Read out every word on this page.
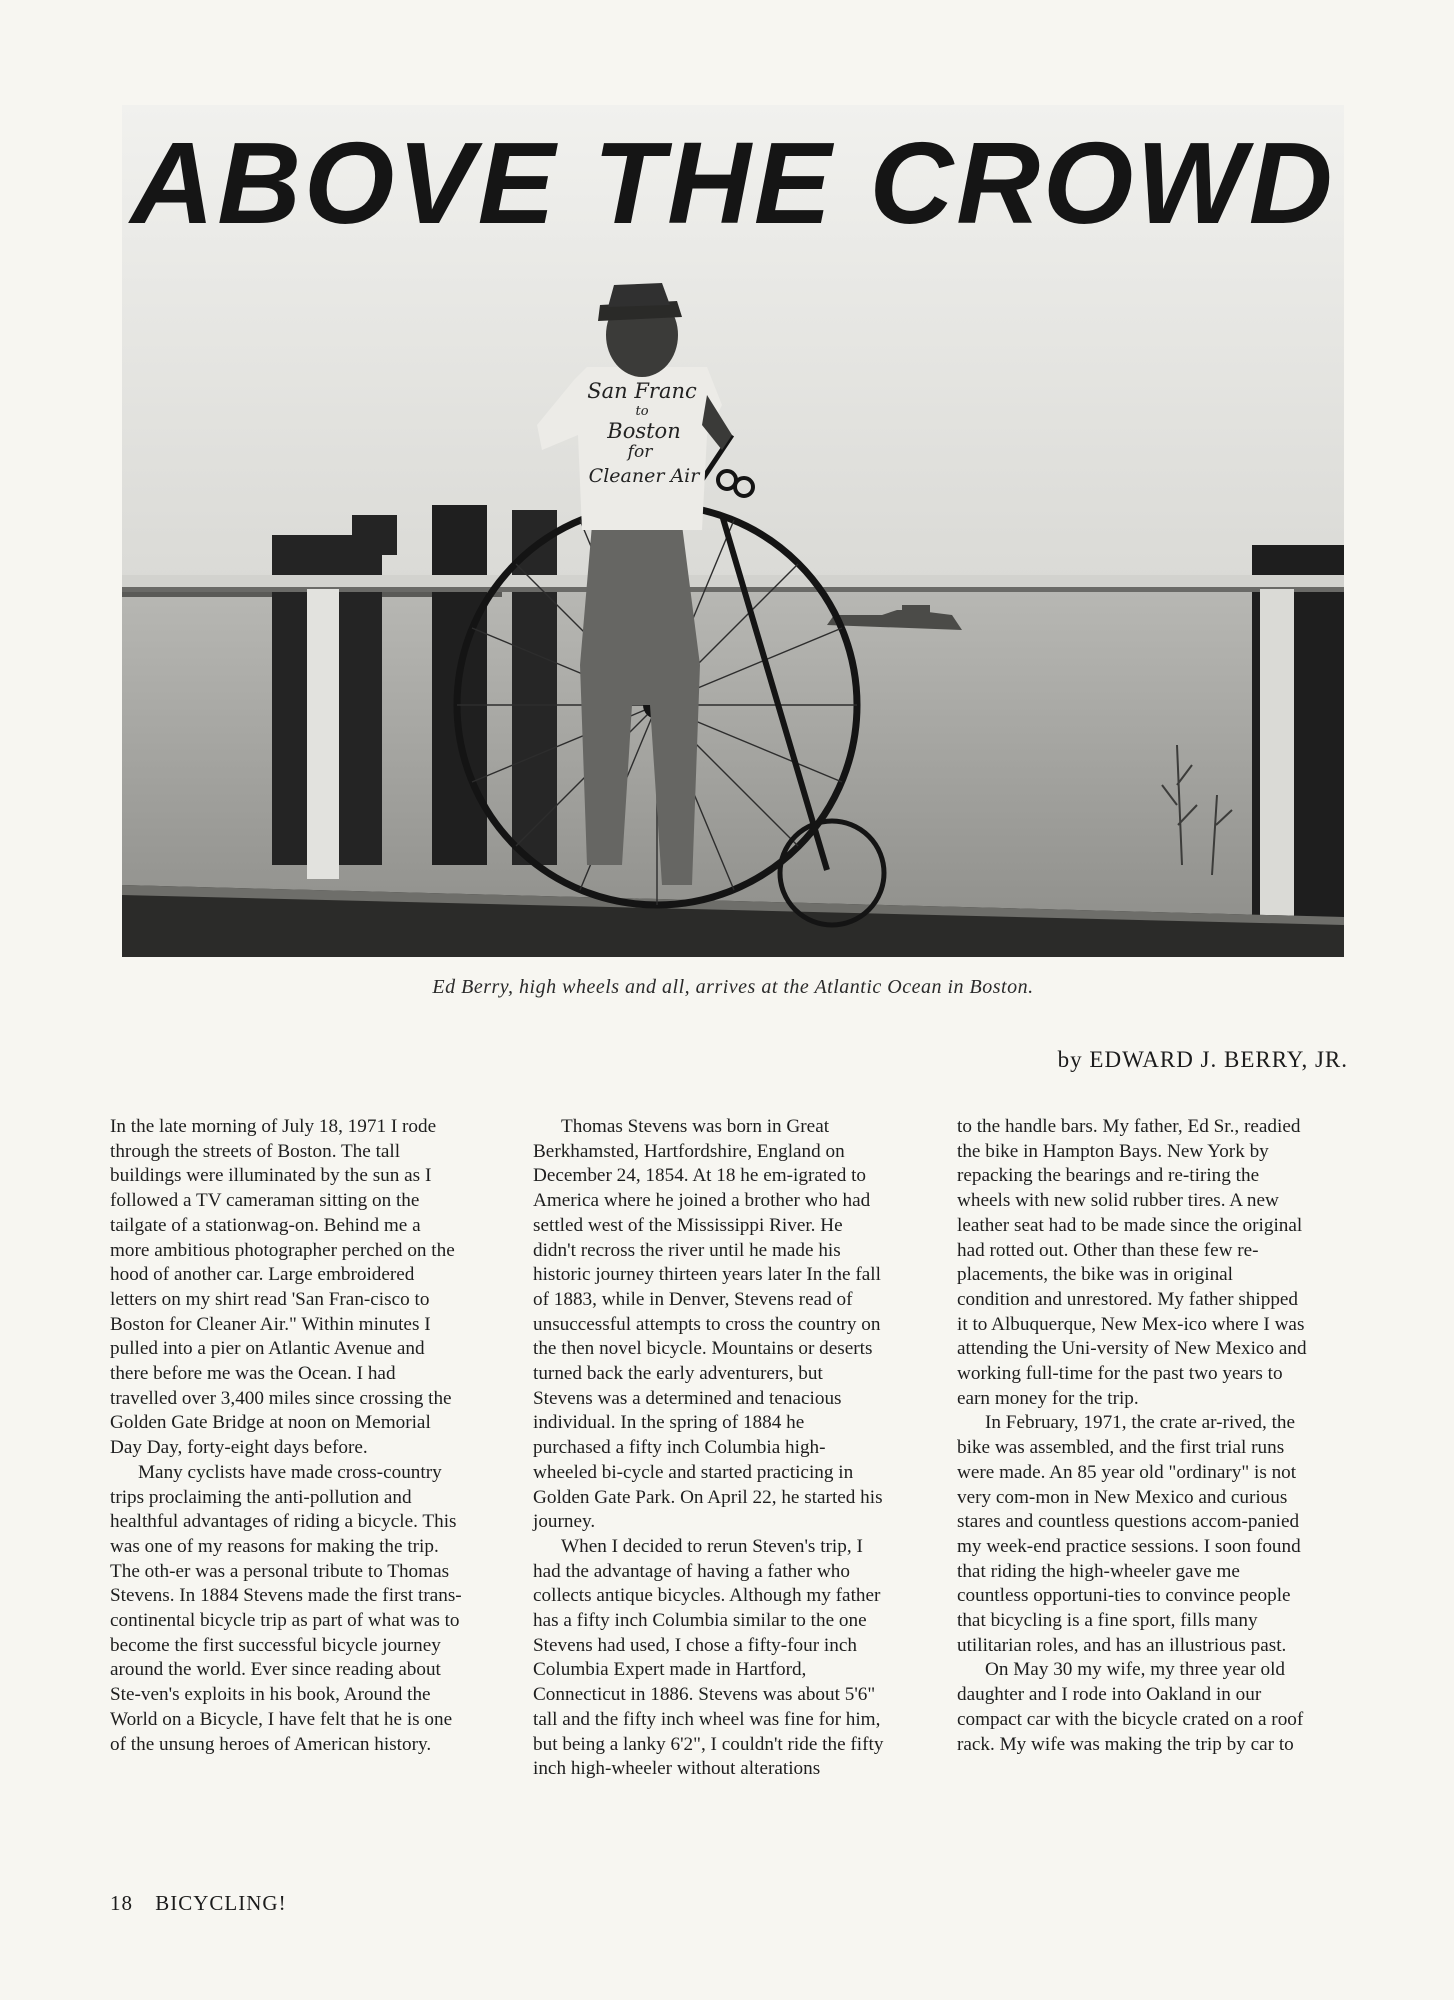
San Franc
to
Boston
for
Cleaner Air
ABOVE THE CROWD

Ed Berry, high wheels and all, arrives at the Atlantic Ocean in Boston.

by EDWARD J. BERRY, JR.

In the late morning of July 18, 1971 I rode through the streets of Boston. The tall buildings were illuminated by the sun as I followed a TV cameraman sitting on the tailgate of a stationwag-on. Behind me a more ambitious photographer perched on the hood of another car. Large embroidered letters on my shirt read 'San Fran-cisco to Boston for Cleaner Air." Within minutes I pulled into a pier on Atlantic Avenue and there before me was the Ocean. I had travelled over 3,400 miles since crossing the Golden Gate Bridge at noon on Memorial Day Day, forty-eight days before.

Many cyclists have made cross-country trips proclaiming the anti-pollution and healthful advantages of riding a bicycle. This was one of my reasons for making the trip. The oth-er was a personal tribute to Thomas Stevens. In 1884 Stevens made the first trans-continental bicycle trip as part of what was to become the first successful bicycle journey around the world. Ever since reading about Ste-ven's exploits in his book, Around the World on a Bicycle, I have felt that he is one of the unsung heroes of American history.

Thomas Stevens was born in Great Berkhamsted, Hartfordshire, England on December 24, 1854. At 18 he em-igrated to America where he joined a brother who had settled west of the Mississippi River. He didn't recross the river until he made his historic journey thirteen years later In the fall of 1883, while in Denver, Stevens read of unsuccessful attempts to cross the country on the then novel bicycle. Mountains or deserts turned back the early adventurers, but Stevens was a determined and tenacious individual. In the spring of 1884 he purchased a fifty inch Columbia high-wheeled bi-cycle and started practicing in Golden Gate Park. On April 22, he started his journey.

When I decided to rerun Steven's trip, I had the advantage of having a father who collects antique bicycles. Although my father has a fifty inch Columbia similar to the one Stevens had used, I chose a fifty-four inch Columbia Expert made in Hartford, Connecticut in 1886. Stevens was about 5'6" tall and the fifty inch wheel was fine for him, but being a lanky 6'2", I couldn't ride the fifty inch high-wheeler without alterations

to the handle bars. My father, Ed Sr., readied the bike in Hampton Bays. New York by repacking the bearings and re-tiring the wheels with new solid rubber tires. A new leather seat had to be made since the original had rotted out. Other than these few re-placements, the bike was in original condition and unrestored. My father shipped it to Albuquerque, New Mex-ico where I was attending the Uni-versity of New Mexico and working full-time for the past two years to earn money for the trip.

In February, 1971, the crate ar-rived, the bike was assembled, and the first trial runs were made. An 85 year old "ordinary" is not very com-mon in New Mexico and curious stares and countless questions accom-panied my week-end practice sessions. I soon found that riding the high-wheeler gave me countless opportuni-ties to convince people that bicycling is a fine sport, fills many utilitarian roles, and has an illustrious past.

On May 30 my wife, my three year old daughter and I rode into Oakland in our compact car with the bicycle crated on a roof rack. My wife was making the trip by car to

18 BICYCLING!
